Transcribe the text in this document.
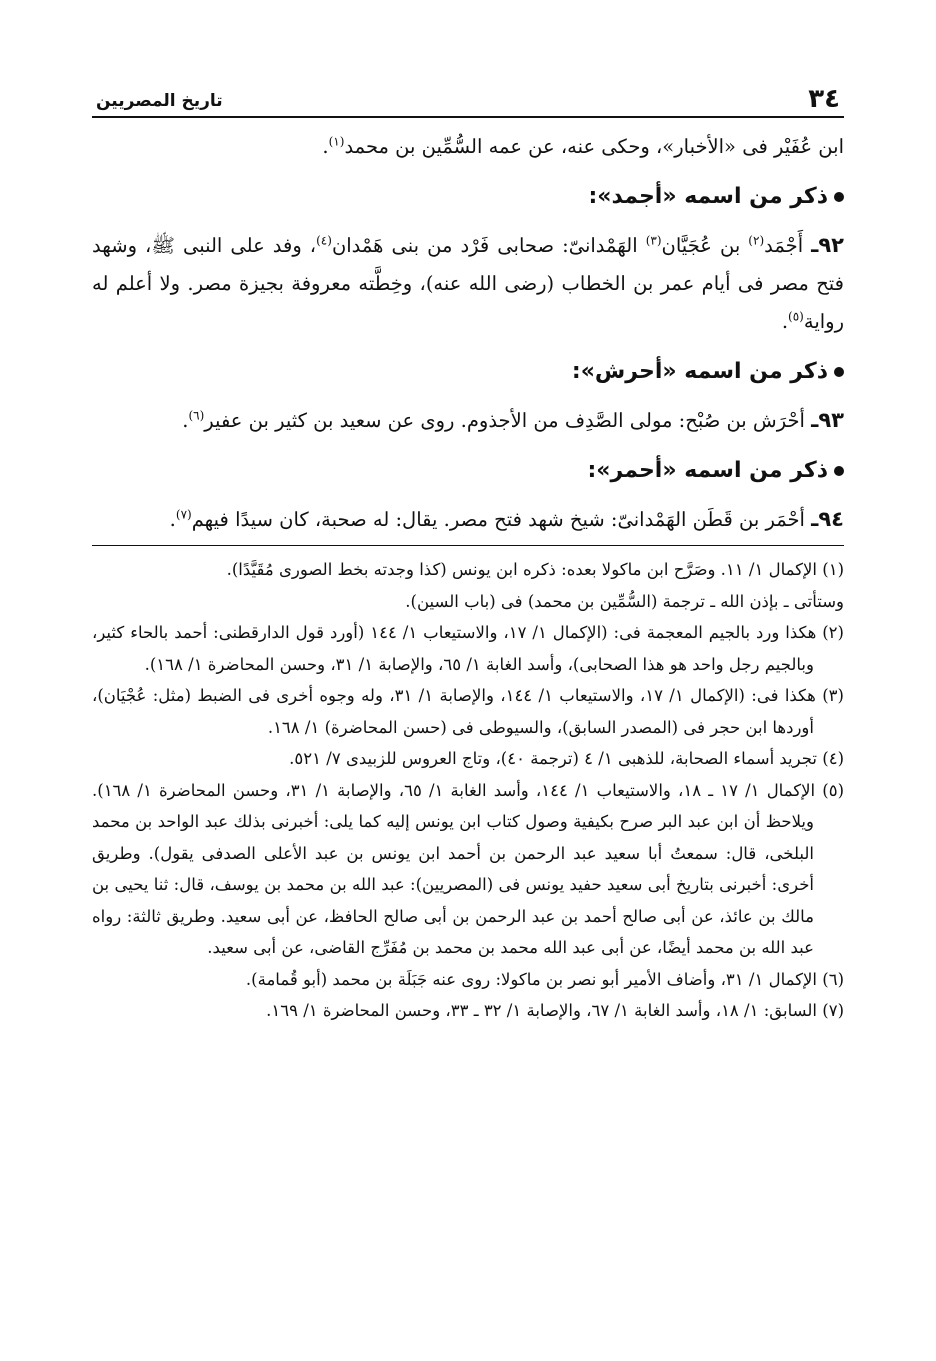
٣٤
تاريخ المصريين

ابن عُفَيْر فى «الأخبار»، وحكى عنه، عن عمه السُّمِّين بن محمد$^{(١)}$.

ذكر من اسمه «أجمد»:

٩٢ـ أَجْمَد$^{(٢)}$ بن عُجَيَّان$^{(٣)}$ الهَمْدانىّ: صحابى فَرْد من بنى هَمْدان$^{(٤)}$، وفد على النبى ﷺ، وشهد فتح مصر فى أيام عمر بن الخطاب (رضى الله عنه)، وخِطَّته معروفة بجيزة مصر. ولا أعلم له رواية$^{(٥)}$.

ذكر من اسمه «أحرش»:

٩٣ـ أحْرَش بن صُبْح: مولى الصَّدِف من الأجذوم. روى عن سعيد بن كثير بن عفير$^{(٦)}$.

ذكر من اسمه «أحمر»:

٩٤ـ أحْمَر بن قَطَن الهَمْدانىّ: شيخ شهد فتح مصر. يقال: له صحبة، كان سيدًا فيهم$^{(٧)}$.

(١) الإكمال ١/ ١١. وصَرَّح ابن ماكولا بعده: ذكره ابن يونس (كذا وجدته بخط الصورى مُقَيَّدًا).

وستأتى ـ بإذن الله ـ ترجمة (السُّمِّين بن محمد) فى (باب السين).

(٢) هكذا ورد بالجيم المعجمة فى: (الإكمال ١/ ١٧، والاستيعاب ١/ ١٤٤ (أورد قول الدارقطنى: أحمد بالحاء كثير، وبالجيم رجل واحد هو هذا الصحابى)، وأسد الغابة ١/ ٦٥، والإصابة ١/ ٣١، وحسن المحاضرة ١/ ١٦٨).

(٣) هكذا فى: (الإكمال ١/ ١٧، والاستيعاب ١/ ١٤٤، والإصابة ١/ ٣١، وله وجوه أخرى فى الضبط (مثل: عُجْيَان)، أوردها ابن حجر فى (المصدر السابق)، والسيوطى فى (حسن المحاضرة) ١/ ١٦٨.

(٤) تجريد أسماء الصحابة، للذهبى ١/ ٤ (ترجمة ٤٠)، وتاج العروس للزبيدى ٧/ ٥٢١.

(٥) الإكمال ١/ ١٧ ـ ١٨، والاستيعاب ١/ ١٤٤، وأسد الغابة ١/ ٦٥، والإصابة ١/ ٣١، وحسن المحاضرة ١/ ١٦٨). ويلاحظ أن ابن عبد البر صرح بكيفية وصول كتاب ابن يونس إليه كما يلى: أخبرنى بذلك عبد الواحد بن محمد البلخى، قال: سمعتُ أبا سعيد عبد الرحمن بن أحمد ابن يونس بن عبد الأعلى الصدفى يقول). وطريق أخرى: أخبرنى بتاريخ أبى سعيد حفيد يونس فى (المصريين): عبد الله بن محمد بن يوسف، قال: ثنا يحيى بن مالك بن عائذ، عن أبى صالح أحمد بن عبد الرحمن بن أبى صالح الحافظ، عن أبى سعيد. وطريق ثالثة: رواه عبد الله بن محمد أيضًا، عن أبى عبد الله محمد بن محمد بن مُفَرِّج القاضى، عن أبى سعيد.

(٦) الإكمال ١/ ٣١، وأضاف الأمير أبو نصر بن ماكولا: روى عنه جَبَلَة بن محمد (أبو قُمامة).

(٧) السابق: ١/ ١٨، وأسد الغابة ١/ ٦٧، والإصابة ١/ ٣٢ ـ ٣٣، وحسن المحاضرة ١/ ١٦٩.
